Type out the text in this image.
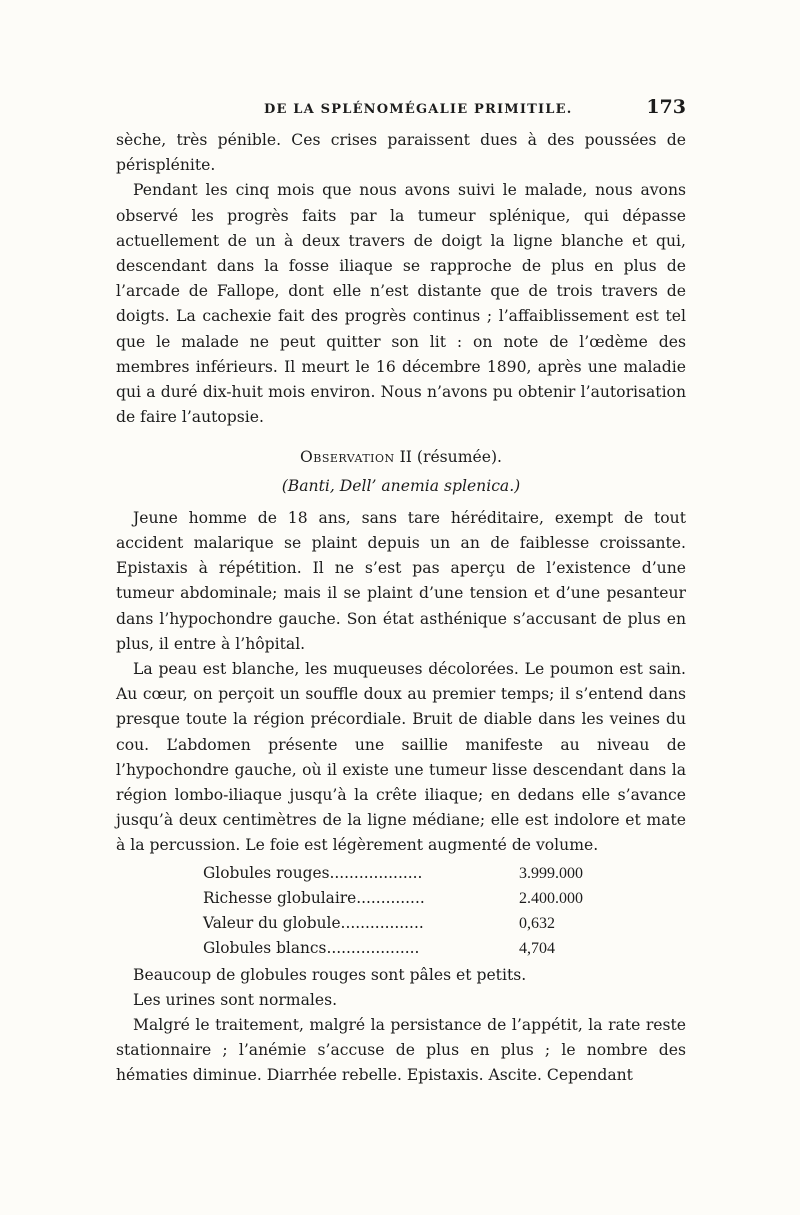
DE LA SPLÉNOMÉGALIE PRIMITILE.	173

sèche, très pénible. Ces crises paraissent dues à des poussées de périsplénite.

Pendant les cinq mois que nous avons suivi le malade, nous avons observé les progrès faits par la tumeur splénique, qui dépasse actuellement de un à deux travers de doigt la ligne blanche et qui, descendant dans la fosse iliaque se rapproche de plus en plus de l’arcade de Fallope, dont elle n’est distante que de trois travers de doigts. La cachexie fait des progrès continus ; l’affaiblissement est tel que le malade ne peut quitter son lit : on note de l’œdème des membres inférieurs. Il meurt le 16 décembre 1890, après une maladie qui a duré dix-huit mois environ. Nous n’avons pu obtenir l’autorisation de faire l’autopsie.

Observation II (résumée).

(Banti, Dell’ anemia splenica.)

Jeune homme de 18 ans, sans tare héréditaire, exempt de tout accident malarique se plaint depuis un an de faiblesse croissante. Epistaxis à répétition. Il ne s’est pas aperçu de l’existence d’une tumeur abdominale; mais il se plaint d’une tension et d’une pesanteur dans l’hypochondre gauche. Son état asthénique s’accusant de plus en plus, il entre à l’hôpital.

La peau est blanche, les muqueuses décolorées. Le poumon est sain. Au cœur, on perçoit un souffle doux au premier temps; il s’entend dans presque toute la région précordiale. Bruit de diable dans les veines du cou. L’abdomen présente une saillie manifeste au niveau de l’hypochondre gauche, où il existe une tumeur lisse descendant dans la région lombo-iliaque jusqu’à la crête iliaque; en dedans elle s’avance jusqu’à deux centimètres de la ligne médiane; elle est indolore et mate à la percussion. Le foie est légèrement augmenté de volume.

Globules rouges...................	3.999.000
Richesse globulaire..............	2.400.000
Valeur du globule.................	0,632
Globules blancs...................	4,704

Beaucoup de globules rouges sont pâles et petits.

Les urines sont normales.

Malgré le traitement, malgré la persistance de l’appétit, la rate reste stationnaire ; l’anémie s’accuse de plus en plus ; le nombre des hématies diminue. Diarrhée rebelle. Epistaxis. Ascite. Cependant
